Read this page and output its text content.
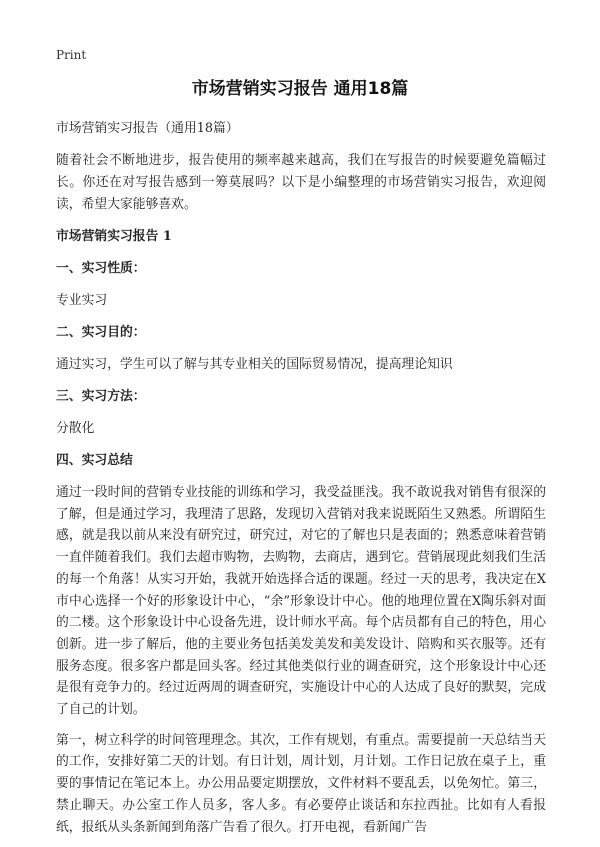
Print
市场营销实习报告 通用18篇

市场营销实习报告（通用18篇）

随着社会不断地进步，报告使用的频率越来越高，我们在写报告的时候要避免篇幅过长。你还在对写报告感到一筹莫展吗？以下是小编整理的市场营销实习报告，欢迎阅读，希望大家能够喜欢。

市场营销实习报告 1

一、实习性质：

专业实习

二、实习目的：

通过实习，学生可以了解与其专业相关的国际贸易情况，提高理论知识

三、实习方法：

分散化

四、实习总结

通过一段时间的营销专业技能的训练和学习，我受益匪浅。我不敢说我对销售有很深的了解，但是通过学习，我理清了思路，发现切入营销对我来说既陌生又熟悉。所谓陌生感，就是我以前从来没有研究过，研究过，对它的了解也只是表面的；熟悉意味着营销一直伴随着我们。我们去超市购物，去购物，去商店，遇到它。营销展现此刻我们生活的每一个角落！从实习开始，我就开始选择合适的课题。经过一天的思考，我决定在X市中心选择一个好的形象设计中心，“余”形象设计中心。他的地理位置在X陶乐斜对面的二楼。这个形象设计中心设备先进，设计师水平高。每个店员都有自己的特色，用心创新。进一步了解后，他的主要业务包括美发美发和美发设计、陪购和买衣服等。还有服务态度。很多客户都是回头客。经过其他类似行业的调查研究，这个形象设计中心还是很有竞争力的。经过近两周的调查研究，实施设计中心的人达成了良好的默契，完成了自己的计划。

第一，树立科学的时间管理理念。其次，工作有规划，有重点。需要提前一天总结当天的工作，安排好第二天的计划。有日计划，周计划，月计划。工作日记放在桌子上，重要的事情记在笔记本上。办公用品要定期摆放，文件材料不要乱丢，以免匆忙。第三，禁止聊天。办公室工作人员多，客人多。有必要停止谈话和东拉西扯。比如有人看报纸，报纸从头条新闻到角落广告看了很久。打开电视，看新闻广告
